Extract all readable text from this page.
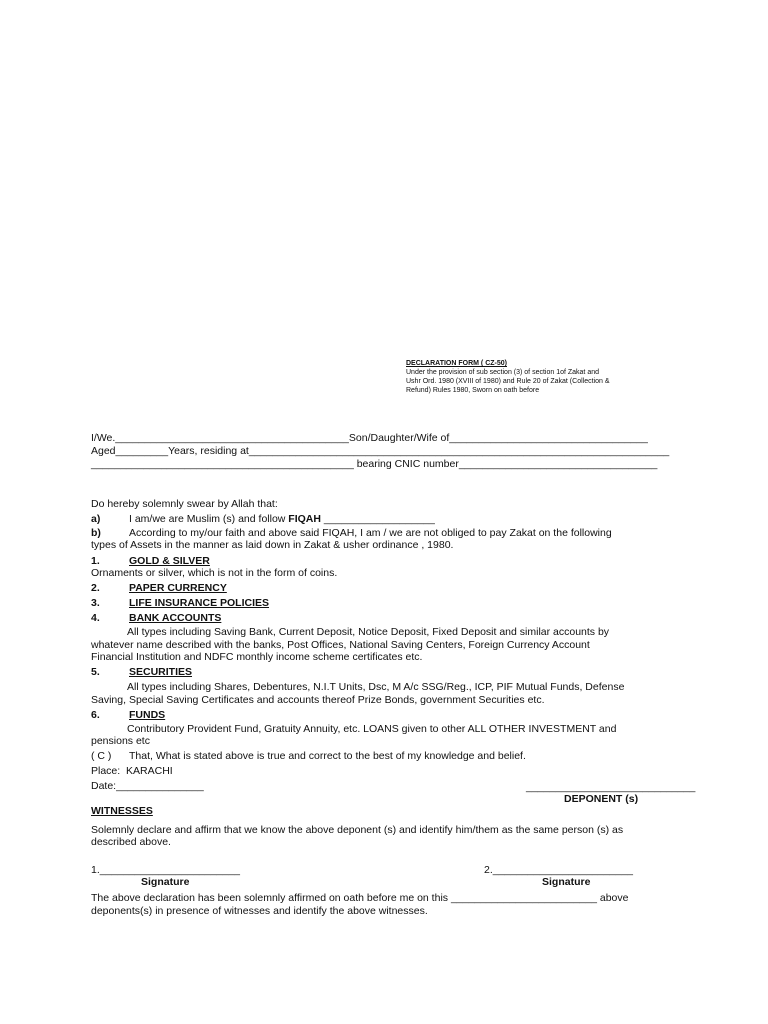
DECLARATION FORM ( CZ-50)
Under the provision of sub section (3) of section 1of Zakat and
Ushr Ord. 1980 (XVIII of 1980) and Rule 20 of Zakat (Collection &
Refund) Rules 1980, Sworn on oath before
I/We.________________________________________Son/Daughter/Wife of__________________________________
Aged_________Years, residing at________________________________________________________________________
_____________________________________________ bearing CNIC number__________________________________
Do hereby solemnly swear by Allah that:
a)	I am/we are Muslim (s) and follow FIQAH ___________________
b)	According to my/our faith and above said FIQAH, I am / we are not obliged to pay Zakat on the following
types of Assets in the manner as laid down in Zakat & usher ordinance , 1980.
1.	GOLD & SILVER
Ornaments or silver, which is not in the form of coins.
2.	PAPER CURRENCY
3.	LIFE INSURANCE POLICIES
4.	BANK ACCOUNTS
All types including Saving Bank, Current Deposit, Notice Deposit, Fixed Deposit and similar accounts by
whatever name described with the banks, Post Offices, National Saving Centers, Foreign Currency Account
Financial Institution and NDFC monthly income scheme certificates etc.
5.	SECURITIES
All types including Shares, Debentures, N.I.T Units, Dsc, M A/c SSG/Reg., ICP, PIF Mutual Funds, Defense
Saving, Special Saving Certificates and accounts thereof Prize Bonds, government Securities etc.
6.	FUNDS
Contributory Provident Fund, Gratuity Annuity, etc. LOANS given to other ALL OTHER INVESTMENT and
pensions etc
( C ) That, What is stated above is true and correct to the best of my knowledge and belief.
Place: KARACHI
Date:_______________	_____________________________
DEPONENT (s)
WITNESSES
Solemnly declare and affirm that we know the above deponent (s) and identify him/them as the same person (s) as
described above.
1.________________________	2.________________________
Signature	Signature
The above declaration has been solemnly affirmed on oath before me on this _________________________ above
deponents(s) in presence of witnesses and identify the above witnesses.
